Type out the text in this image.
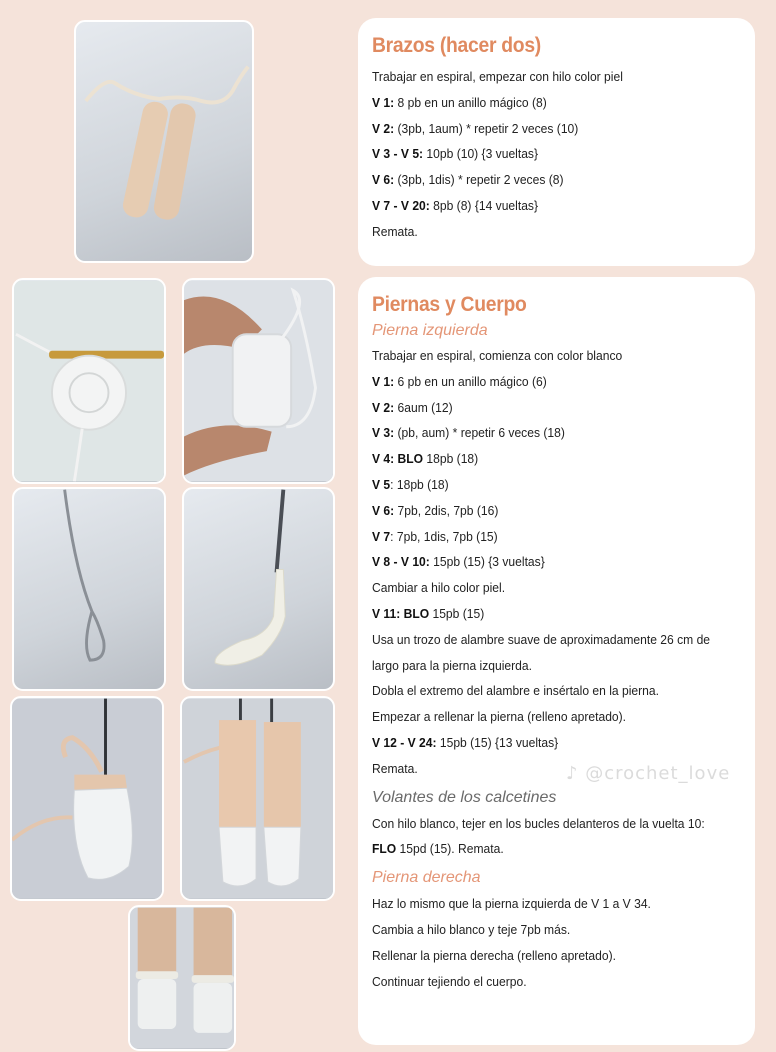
Brazos (hacer dos)
Trabajar en espiral, empezar con hilo color piel
V 1: 8 pb en un anillo mágico (8)
V 2: (3pb, 1aum) * repetir 2 veces (10)
V 3 - V 5: 10pb (10) {3 vueltas}
V 6: (3pb, 1dis) * repetir 2 veces (8)
V 7 - V 20: 8pb (8) {14 vueltas}
Remata.
Piernas y Cuerpo
Pierna izquierda
Trabajar en espiral, comienza con color blanco
V 1: 6 pb en un anillo mágico (6)
V 2: 6aum (12)
V 3: (pb, aum) * repetir 6 veces (18)
V 4: BLO 18pb (18)
V 5: 18pb (18)
V 6: 7pb, 2dis, 7pb (16)
V 7: 7pb, 1dis, 7pb (15)
V 8 - V 10: 15pb (15) {3 vueltas}
Cambiar a hilo color piel.
V 11: BLO 15pb (15)
Usa un trozo de alambre suave de aproximadamente 26 cm de
largo para la pierna izquierda.
Dobla el extremo del alambre e insértalo en la pierna.
Empezar a rellenar la pierna (relleno apretado).
V 12 - V 24: 15pb (15) {13 vueltas}
Remata.
Volantes de los calcetines
Con hilo blanco, tejer en los bucles delanteros de la vuelta 10:
FLO 15pd (15). Remata.
Pierna derecha
Haz lo mismo que la pierna izquierda de V 1 a V 34.
Cambia a hilo blanco y teje 7pb más.
Rellenar la pierna derecha (relleno apretado).
Continuar tejiendo el cuerpo.
♪ @crochet_love
